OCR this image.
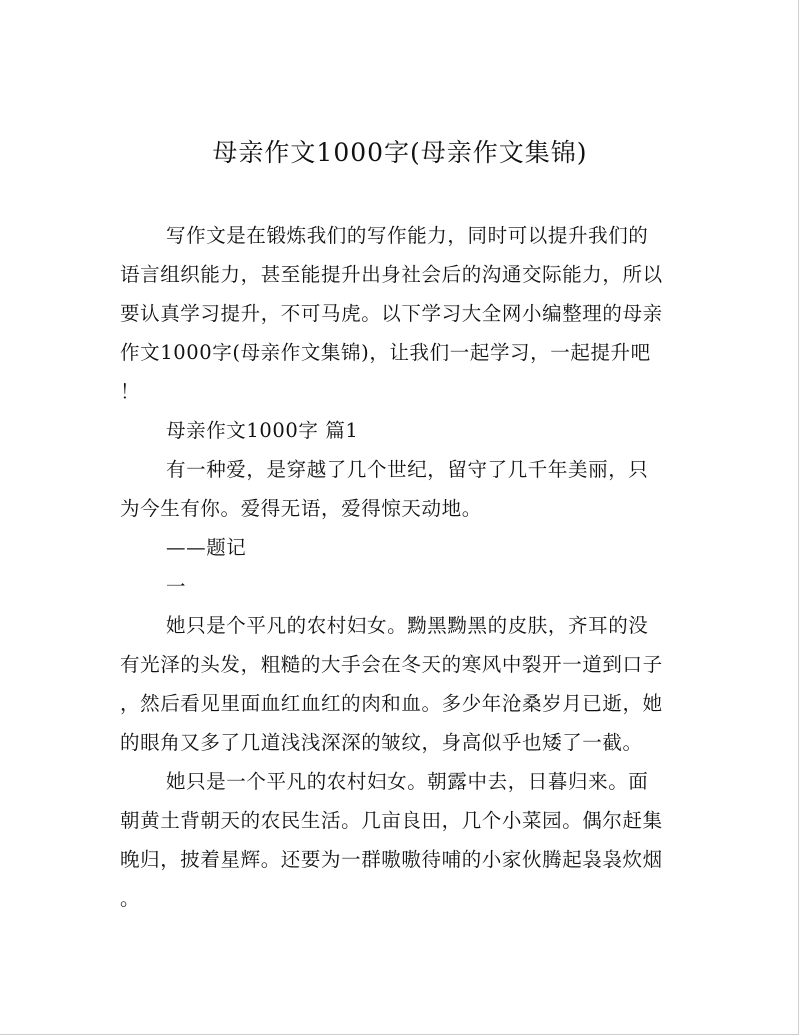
母亲作文1000字(母亲作文集锦)
写作文是在锻炼我们的写作能力，同时可以提升我们的
语言组织能力，甚至能提升出身社会后的沟通交际能力，所以
要认真学习提升，不可马虎。以下学习大全网小编整理的母亲
作文1000字(母亲作文集锦)，让我们一起学习，一起提升吧
！
母亲作文1000字 篇1
有一种爱，是穿越了几个世纪，留守了几千年美丽，只
为今生有你。爱得无语，爱得惊天动地。
——题记
一
她只是个平凡的农村妇女。黝黑黝黑的皮肤，齐耳的没
有光泽的头发，粗糙的大手会在冬天的寒风中裂开一道到口子
，然后看见里面血红血红的肉和血。多少年沧桑岁月已逝，她
的眼角又多了几道浅浅深深的皱纹，身高似乎也矮了一截。
她只是一个平凡的农村妇女。朝露中去，日暮归来。面
朝黄土背朝天的农民生活。几亩良田，几个小菜园。偶尔赶集
晚归，披着星辉。还要为一群嗷嗷待哺的小家伙腾起袅袅炊烟
。
